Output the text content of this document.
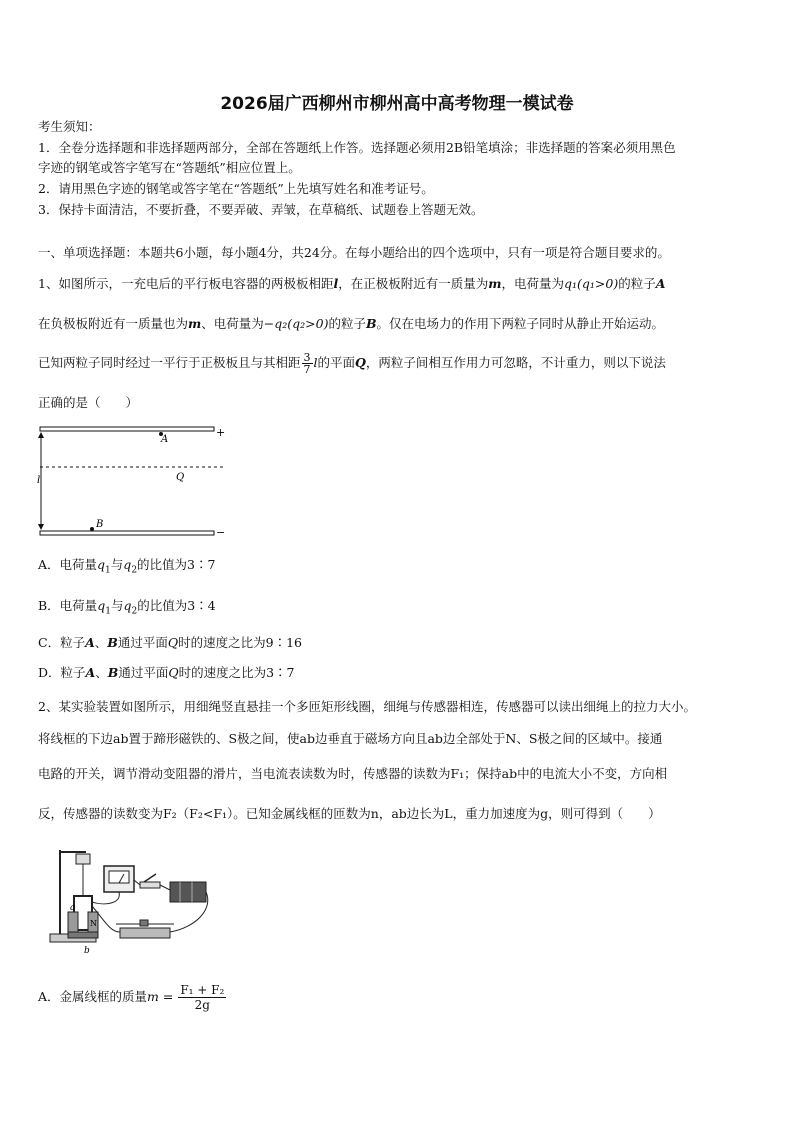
2026届广西柳州市柳州高中高考物理一模试卷
考生须知：
1．全卷分选择题和非选择题两部分，全部在答题纸上作答。选择题必须用2B铅笔填涂；非选择题的答案必须用黑色
字迹的钢笔或答字笔写在“答题纸”相应位置上。
2．请用黑色字迹的钢笔或答字笔在“答题纸”上先填写姓名和准考证号。
3．保持卡面清洁，不要折叠，不要弄破、弄皱，在草稿纸、试题卷上答题无效。
一、单项选择题：本题共6小题，每小题4分，共24分。在每小题给出的四个选项中，只有一项是符合题目要求的。
1、如图所示，一充电后的平行板电容器的两极板相距l，在正极板附近有一质量为m，电荷量为q₁(q₁>0)的粒子A
在负极板附近有一质量也为m、电荷量为−q₂(q₂>0)的粒子B。仅在电场力的作用下两粒子同时从静止开始运动。
已知两粒子同时经过一平行于正极板且与其相距 $\frac{3}{7}$ l的平面Q，两粒子间相互作用力可忽略，不计重力，则以下说法
正确的是（　　）
+
−
A
B
Q
l
A．电荷量$q_1$与$q_2$的比值为3∶7
B．电荷量$q_1$与$q_2$的比值为3∶4
C．粒子A、B通过平面Q时的速度之比为9∶16
D．粒子A、B通过平面Q时的速度之比为3∶7
2、某实验装置如图所示，用细绳竖直悬挂一个多匝矩形线圈，细绳与传感器相连，传感器可以读出细绳上的拉力大小。
将线框的下边ab置于蹄形磁铁的、S极之间，使ab边垂直于磁场方向且ab边全部处于N、S极之间的区域中。接通
电路的开关，调节滑动变阻器的滑片，当电流表读数为时，传感器的读数为F₁；保持ab中的电流大小不变，方向相
反，传感器的读数变为F₂（F₂<F₁）。已知金属线框的匝数为n，ab边长为L，重力加速度为g，则可得到（　　）
a
b
N
A．金属线框的质量$m = \frac{\text{F₁ + F₂}}{2g}$
